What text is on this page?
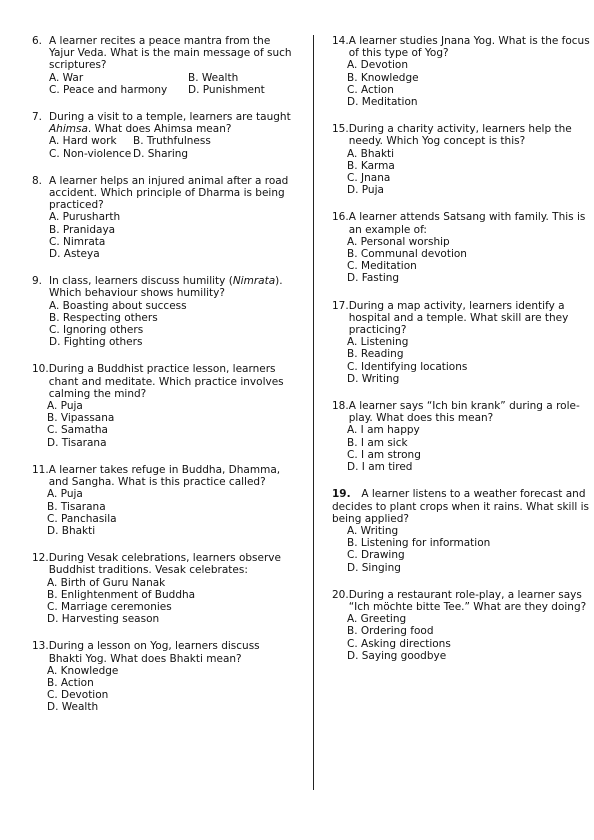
6. A learner recites a peace mantra from the Yajur Veda. What is the main message of such scriptures?
A. War	B. Wealth
C. Peace and harmony	D. Punishment
7. During a visit to a temple, learners are taught Ahimsa. What does Ahimsa mean?
A. Hard work	B. Truthfulness
C. Non-violence D. Sharing
8. A learner helps an injured animal after a road accident. Which principle of Dharma is being practiced?
A. Purusharth
B. Pranidaya
C. Nimrata
D. Asteya
9. In class, learners discuss humility (Nimrata). Which behaviour shows humility?
A. Boasting about success
B. Respecting others
C. Ignoring others
D. Fighting others
10. During a Buddhist practice lesson, learners chant and meditate. Which practice involves calming the mind?
A. Puja
B. Vipassana
C. Samatha
D. Tisarana
11. A learner takes refuge in Buddha, Dhamma, and Sangha. What is this practice called?
A. Puja
B. Tisarana
C. Panchasila
D. Bhakti
12. During Vesak celebrations, learners observe Buddhist traditions. Vesak celebrates:
A. Birth of Guru Nanak
B. Enlightenment of Buddha
C. Marriage ceremonies
D. Harvesting season
13. During a lesson on Yog, learners discuss Bhakti Yog. What does Bhakti mean?
A. Knowledge
B. Action
C. Devotion
D. Wealth
14. A learner studies Jnana Yog. What is the focus of this type of Yog?
A. Devotion
B. Knowledge
C. Action
D. Meditation
15. During a charity activity, learners help the needy. Which Yog concept is this?
A. Bhakti
B. Karma
C. Jnana
D. Puja
16. A learner attends Satsang with family. This is an example of:
A. Personal worship
B. Communal devotion
C. Meditation
D. Fasting
17. During a map activity, learners identify a hospital and a temple. What skill are they practicing?
A. Listening
B. Reading
C. Identifying locations
D. Writing
18. A learner says “Ich bin krank” during a role-play. What does this mean?
A. I am happy
B. I am sick
C. I am strong
D. I am tired
19. A learner listens to a weather forecast and decides to plant crops when it rains. What skill is being applied?
A. Writing
B. Listening for information
C. Drawing
D. Singing
20. During a restaurant role-play, a learner says “Ich möchte bitte Tee.” What are they doing?
A. Greeting
B. Ordering food
C. Asking directions
D. Saying goodbye
